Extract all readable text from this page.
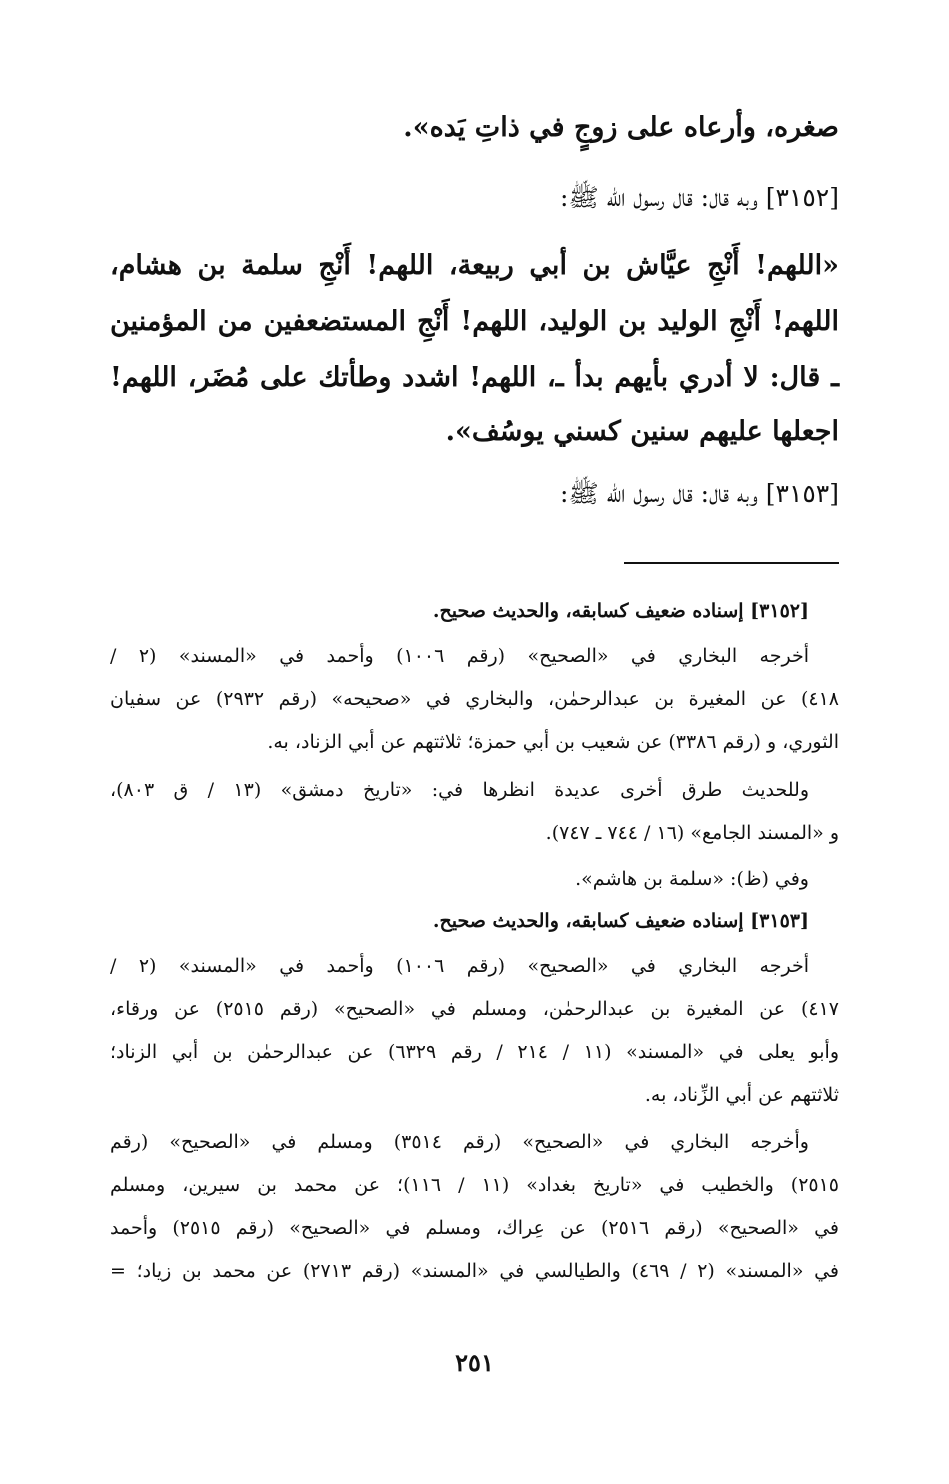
صغره، وأرعاه على زوجٍ في ذاتِ يَده».
[٣١٥٢] وبه قال: قال رسول الله ﷺ:
«اللهم! أَنْجِ عيَّاش بن أبي ربيعة، اللهم! أَنْجِ سلمة بن هشام،
اللهم! أَنْجِ الوليد بن الوليد، اللهم! أَنْجِ المستضعفين من المؤمنين
ـ قال: لا أدري بأيهم بدأ ـ، اللهم! اشدد وطأتك على مُضَر، اللهم!
اجعلها عليهم سنين كسني يوسُف».
[٣١٥٣] وبه قال: قال رسول الله ﷺ:
[٣١٥٢] إسناده ضعيف كسابقه، والحديث صحيح.
أخرجه البخاري في «الصحيح» (رقم ١٠٠٦) وأحمد في «المسند» (٢ /
٤١٨) عن المغيرة بن عبدالرحمٰن، والبخاري في «صحيحه» (رقم ٢٩٣٢) عن سفيان
الثوري، و (رقم ٣٣٨٦) عن شعيب بن أبي حمزة؛ ثلاثتهم عن أبي الزناد، به.
وللحديث طرق أخرى عديدة انظرها في: «تاريخ دمشق» (١٣ / ق ٨٠٣)،
و «المسند الجامع» (١٦ / ٧٤٤ ـ ٧٤٧).
وفي (ظ): «سلمة بن هاشم».
[٣١٥٣] إسناده ضعيف كسابقه، والحديث صحيح.
أخرجه البخاري في «الصحيح» (رقم ١٠٠٦) وأحمد في «المسند» (٢ /
٤١٧) عن المغيرة بن عبدالرحمٰن، ومسلم في «الصحيح» (رقم ٢٥١٥) عن ورقاء،
وأبو يعلى في «المسند» (١١ / ٢١٤ / رقم ٦٣٢٩) عن عبدالرحمٰن بن أبي الزناد؛
ثلاثتهم عن أبي الزِّناد، به.
وأخرجه البخاري في «الصحيح» (رقم ٣٥١٤) ومسلم في «الصحيح» (رقم
٢٥١٥) والخطيب في «تاريخ بغداد» (١١ / ١١٦)؛ عن محمد بن سيرين، ومسلم
في «الصحيح» (رقم ٢٥١٦) عن عِراك، ومسلم في «الصحيح» (رقم ٢٥١٥) وأحمد
في «المسند» (٢ / ٤٦٩) والطيالسي في «المسند» (رقم ٢٧١٣) عن محمد بن زياد؛ =
٢٥١
